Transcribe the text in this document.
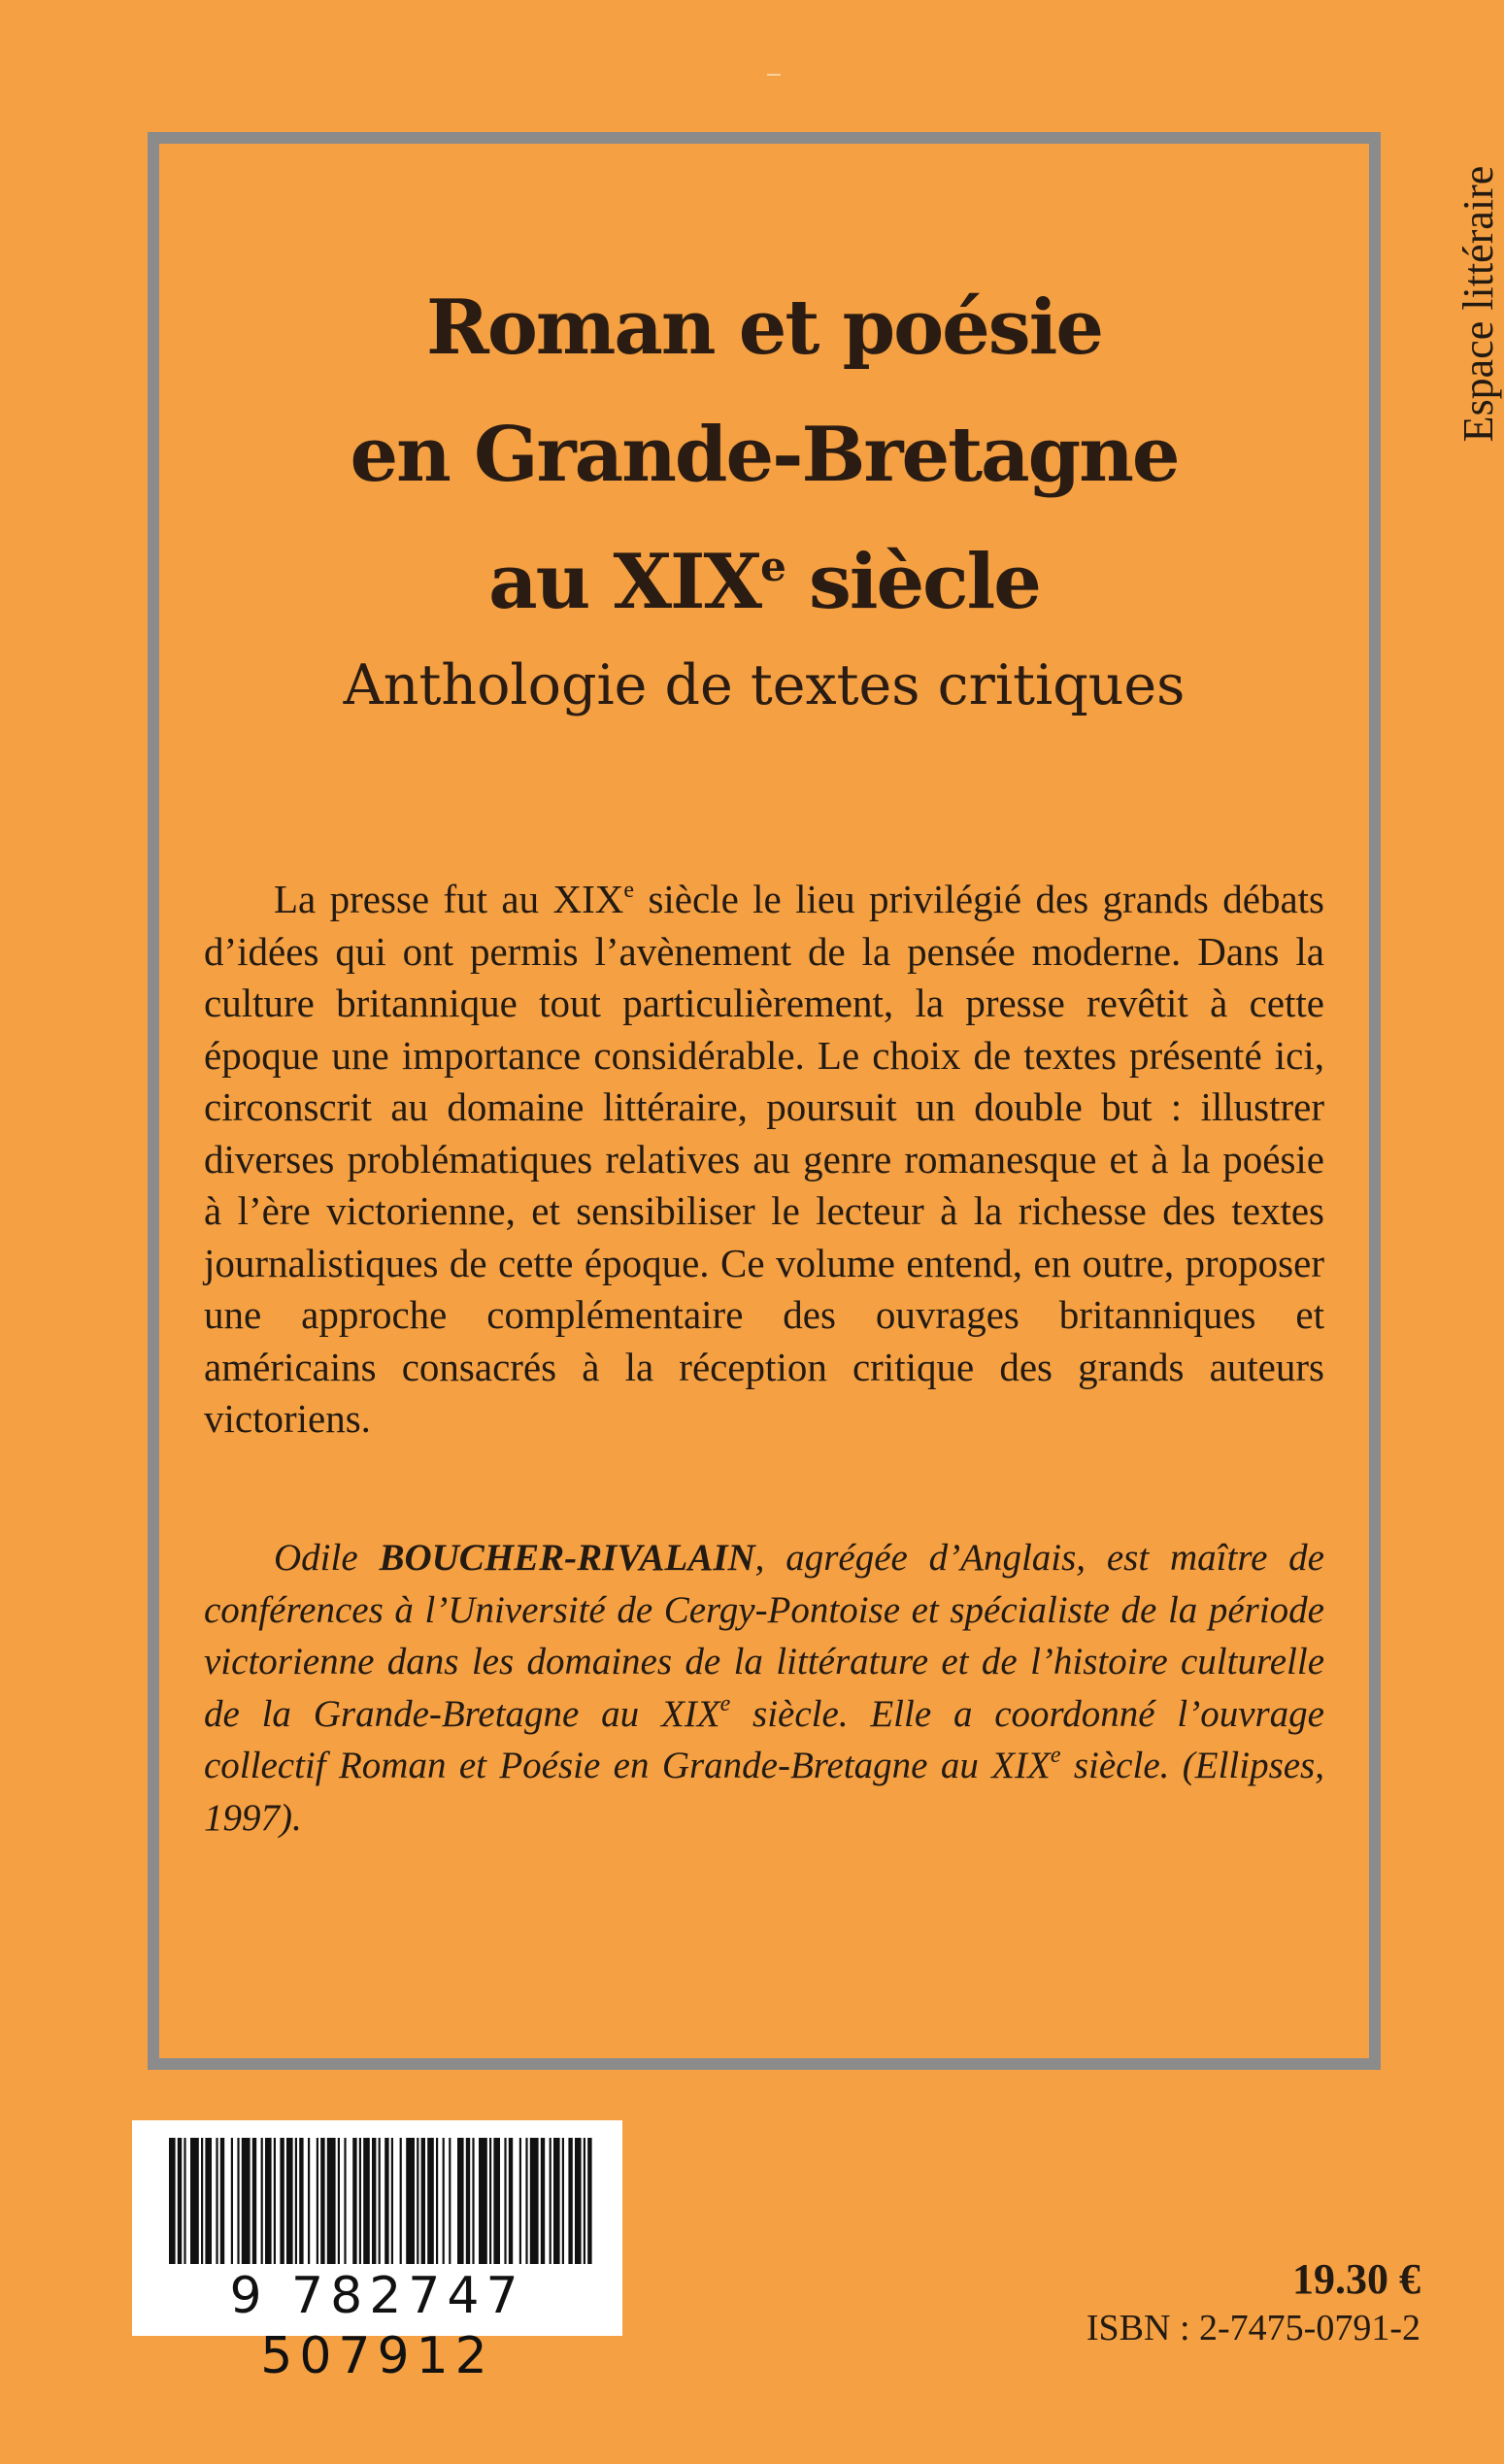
Espace littéraire

Roman et poésie

en Grande-Bretagne

au XIXe siècle

Anthologie de textes critiques

La presse fut au XIXe siècle le lieu privilégié des grands débats d’idées qui ont permis l’avènement de la pensée moderne. Dans la culture britannique tout particulièrement, la presse revêtit à cette époque une importance considérable. Le choix de textes présenté ici, circonscrit au domaine littéraire, poursuit un double but : illustrer diverses problématiques relatives au genre romanesque et à la poésie à l’ère victorienne, et sensibiliser le lecteur à la richesse des textes journalistiques de cette époque. Ce volume entend, en outre, proposer une approche complémentaire des ouvrages britanniques et américains consacrés à la réception critique des grands auteurs victoriens.

Odile BOUCHER-RIVALAIN, agrégée d’Anglais, est maître de conférences à l’Université de Cergy-Pontoise et spécialiste de la période victorienne dans les domaines de la littérature et de l’histoire culturelle de la Grande-Bretagne au XIXe siècle. Elle a coordonné l’ouvrage collectif Roman et Poésie en Grande-Bretagne au XIXe siècle. (Ellipses, 1997).

9 782747 507912

19.30 €

ISBN : 2-7475-0791-2
